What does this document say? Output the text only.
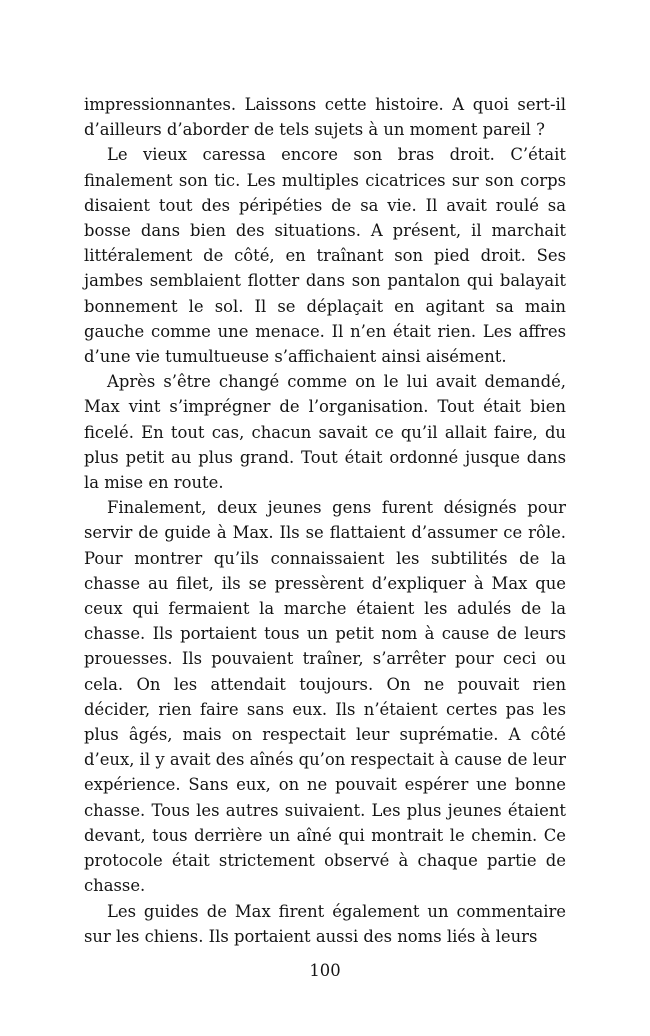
impressionnantes. Laissons cette histoire. A quoi sert-il d’ailleurs d’aborder de tels sujets à un moment pareil ?

Le vieux caressa encore son bras droit. C’était finalement son tic. Les multiples cicatrices sur son corps disaient tout des péripéties de sa vie. Il avait roulé sa bosse dans bien des situations. A présent, il marchait littéralement de côté, en traînant son pied droit. Ses jambes semblaient flotter dans son pantalon qui balayait bonnement le sol. Il se déplaçait en agitant sa main gauche comme une menace. Il n’en était rien. Les affres d’une vie tumultueuse s’affichaient ainsi aisément.

Après s’être changé comme on le lui avait demandé, Max vint s’imprégner de l’organisation. Tout était bien ficelé. En tout cas, chacun savait ce qu’il allait faire, du plus petit au plus grand. Tout était ordonné jusque dans la mise en route.

Finalement, deux jeunes gens furent désignés pour servir de guide à Max. Ils se flattaient d’assumer ce rôle. Pour montrer qu’ils connaissaient les subtilités de la chasse au filet, ils se pressèrent d’expliquer à Max que ceux qui fermaient la marche étaient les adulés de la chasse. Ils portaient tous un petit nom à cause de leurs prouesses. Ils pouvaient traîner, s’arrêter pour ceci ou cela. On les attendait toujours. On ne pouvait rien décider, rien faire sans eux. Ils n’étaient certes pas les plus âgés, mais on respectait leur suprématie. A côté d’eux, il y avait des aînés qu’on respectait à cause de leur expérience. Sans eux, on ne pouvait espérer une bonne chasse. Tous les autres suivaient. Les plus jeunes étaient devant, tous derrière un aîné qui montrait le chemin. Ce protocole était strictement observé à chaque partie de chasse.

Les guides de Max firent également un commentaire sur les chiens. Ils portaient aussi des noms liés à leurs

100
